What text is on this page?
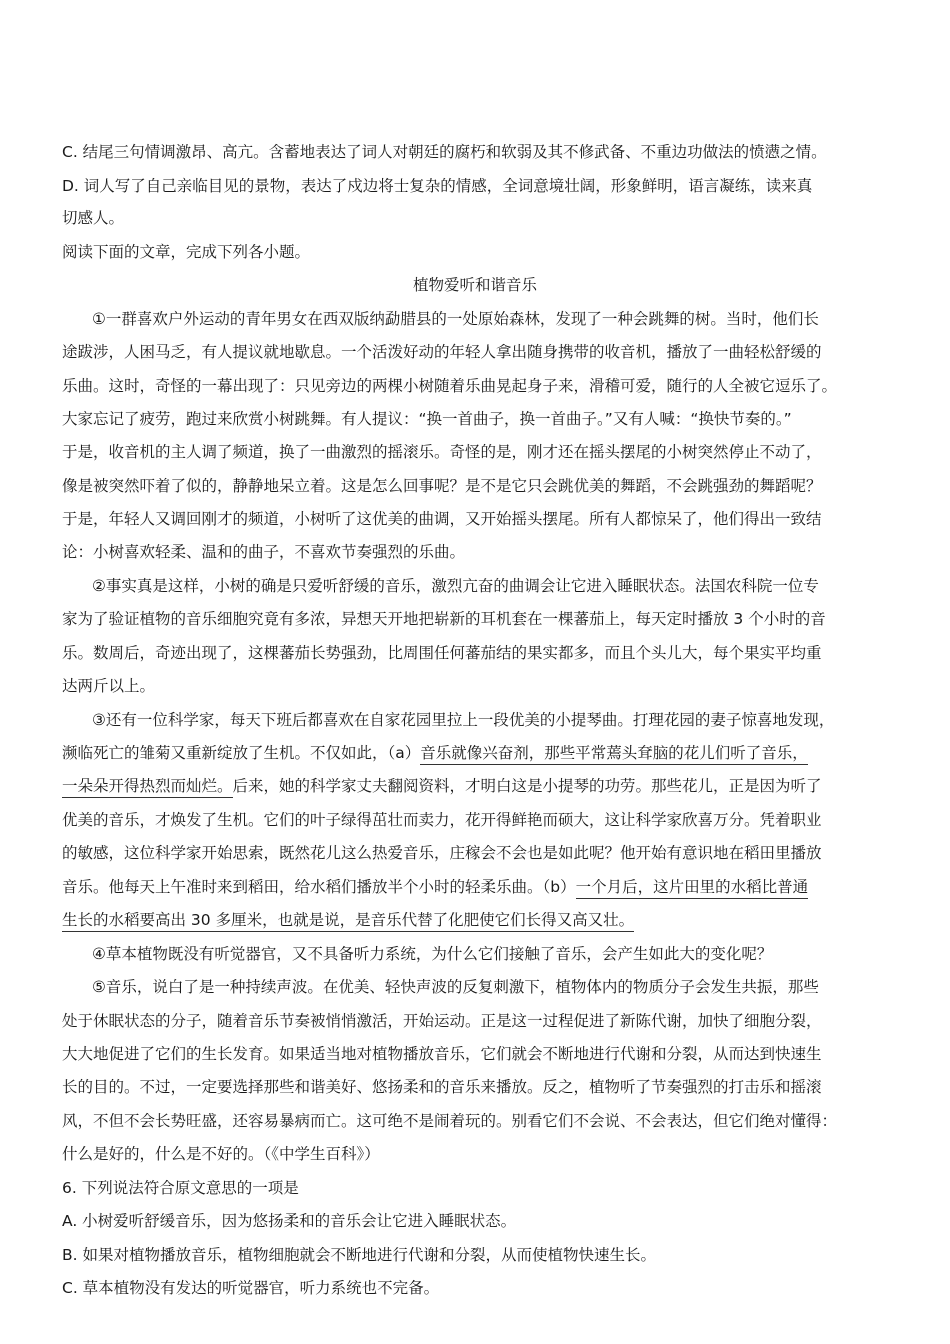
C. 结尾三句情调激昂、高亢。含蓄地表达了词人对朝廷的腐朽和软弱及其不修武备、不重边功做法的愤懑之情。

D. 词人写了自己亲临目见的景物，表达了戍边将士复杂的情感，全词意境壮阔，形象鲜明，语言凝练，读来真

切感人。

阅读下面的文章，完成下列各小题。

植物爱听和谐音乐

①一群喜欢户外运动的青年男女在西双版纳勐腊县的一处原始森林，发现了一种会跳舞的树。当时，他们长

途跋涉，人困马乏，有人提议就地歇息。一个活泼好动的年轻人拿出随身携带的收音机，播放了一曲轻松舒缓的

乐曲。这时，奇怪的一幕出现了：只见旁边的两棵小树随着乐曲晃起身子来，滑稽可爱，随行的人全被它逗乐了。

大家忘记了疲劳，跑过来欣赏小树跳舞。有人提议：“换一首曲子，换一首曲子。”又有人喊：“换快节奏的。”

于是，收音机的主人调了频道，换了一曲激烈的摇滚乐。奇怪的是，刚才还在摇头摆尾的小树突然停止不动了，

像是被突然吓着了似的，静静地呆立着。这是怎么回事呢？是不是它只会跳优美的舞蹈，不会跳强劲的舞蹈呢？

于是，年轻人又调回刚才的频道，小树听了这优美的曲调，又开始摇头摆尾。所有人都惊呆了，他们得出一致结

论：小树喜欢轻柔、温和的曲子，不喜欢节奏强烈的乐曲。

②事实真是这样，小树的确是只爱听舒缓的音乐，激烈亢奋的曲调会让它进入睡眠状态。法国农科院一位专

家为了验证植物的音乐细胞究竟有多浓，异想天开地把崭新的耳机套在一棵蕃茄上，每天定时播放 3 个小时的音

乐。数周后，奇迹出现了，这棵蕃茄长势强劲，比周围任何蕃茄结的果实都多，而且个头儿大，每个果实平均重

达两斤以上。

③还有一位科学家，每天下班后都喜欢在自家花园里拉上一段优美的小提琴曲。打理花园的妻子惊喜地发现，

濒临死亡的雏菊又重新绽放了生机。不仅如此，（a）音乐就像兴奋剂，那些平常蔫头耷脑的花儿们听了音乐，

一朵朵开得热烈而灿烂。后来，她的科学家丈夫翻阅资料，才明白这是小提琴的功劳。那些花儿，正是因为听了

优美的音乐，才焕发了生机。它们的叶子绿得茁壮而卖力，花开得鲜艳而硕大，这让科学家欣喜万分。凭着职业

的敏感，这位科学家开始思索，既然花儿这么热爱音乐，庄稼会不会也是如此呢？他开始有意识地在稻田里播放

音乐。他每天上午准时来到稻田，给水稻们播放半个小时的轻柔乐曲。（b）一个月后，这片田里的水稻比普通

生长的水稻要高出 30 多厘米，也就是说，是音乐代替了化肥使它们长得又高又壮。

④草本植物既没有听觉器官，又不具备听力系统，为什么它们接触了音乐，会产生如此大的变化呢？

⑤音乐，说白了是一种持续声波。在优美、轻快声波的反复刺激下，植物体内的物质分子会发生共振，那些

处于休眠状态的分子，随着音乐节奏被悄悄激活，开始运动。正是这一过程促进了新陈代谢，加快了细胞分裂，

大大地促进了它们的生长发育。如果适当地对植物播放音乐，它们就会不断地进行代谢和分裂，从而达到快速生

长的目的。不过，一定要选择那些和谐美好、悠扬柔和的音乐来播放。反之，植物听了节奏强烈的打击乐和摇滚

风，不但不会长势旺盛，还容易暴病而亡。这可绝不是闹着玩的。别看它们不会说、不会表达，但它们绝对懂得：

什么是好的，什么是不好的。（《中学生百科》）

6. 下列说法符合原文意思的一项是

A. 小树爱听舒缓音乐，因为悠扬柔和的音乐会让它进入睡眠状态。

B. 如果对植物播放音乐，植物细胞就会不断地进行代谢和分裂，从而使植物快速生长。

C. 草本植物没有发达的听觉器官，听力系统也不完备。
